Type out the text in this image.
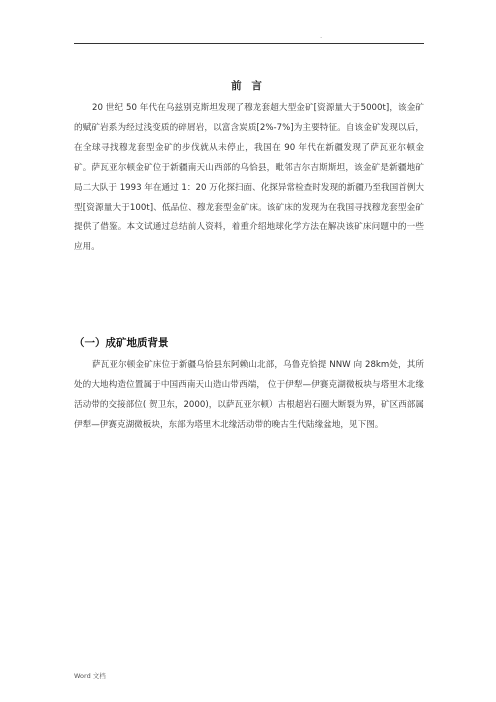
.
前 言

20 世纪 50 年代在乌兹别克斯坦发现了穆龙套超大型金矿[资源量大于5000t]，该金矿的赋矿岩系为经过浅变质的碎屑岩，以富含炭质[2%-7%]为主要特征。自该金矿发现以后，在全球寻找穆龙套型金矿的步伐就从未停止，我国在 90 年代在新疆发现了萨瓦亚尔顿金矿。萨瓦亚尔顿金矿位于新疆南天山西部的乌恰县，毗邻吉尔吉斯斯坦，该金矿是新疆地矿局二大队于 1993 年在通过 1：20 万化探扫面、化探异常检查时发现的新疆乃至我国首例大型[资源量大于100t]、低品位、穆龙套型金矿床。该矿床的发现为在我国寻找穆龙套型金矿提供了借鉴。本文试通过总结前人资料，着重介绍地球化学方法在解决该矿床问题中的一些应用。

（一）成矿地质背景

萨瓦亚尔顿金矿床位于新疆乌恰县东阿赖山北部，乌鲁克恰提 NNW 向 28km处，其所处的大地构造位置属于中国西南天山造山带西端， 位于伊犁—伊赛克湖微板块与塔里木北缘活动带的交接部位( 贺卫东，2000)，以萨瓦亚尔顿）古根超岩石圈大断裂为界，矿区西部属伊犁—伊赛克湖微板块，东部为塔里木北缘活动带的晚古生代陆缘盆地，见下图。

Word 文档
